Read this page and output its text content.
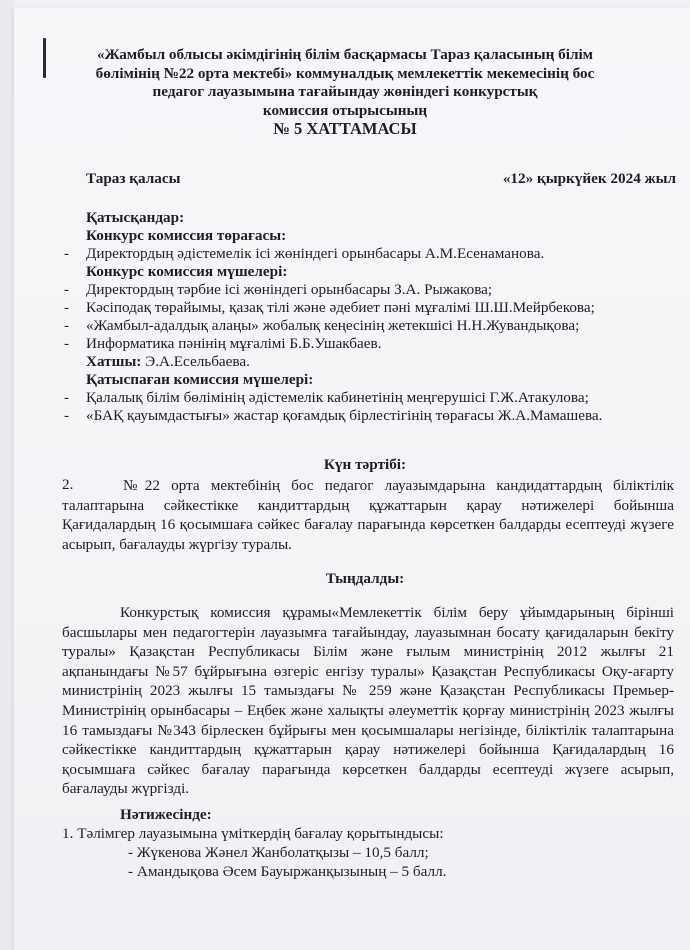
«Жамбыл облысы әкімдігінің білім басқармасы Тараз қаласының білім
бөлімінің №22 орта мектебі» коммуналдық мемлекеттік мекемесінің бос
педагог лауазымына тағайындау жөніндегі конкурстық
комиссия отырысының
№ 5 ХАТТАМАСЫ
Тараз қаласы	«12» қыркүйек 2024 жыл
Қатысқандар:
Конкурс комиссия төрағасы:
- Директордың әдістемелік ісі жөніндегі орынбасары А.М.Есенаманова.
Конкурс комиссия мүшелері:
- Директордың тәрбие ісі жөніндегі орынбасары З.А. Рыжакова;
- Кәсіподақ төрайымы, қазақ тілі және әдебиет пәні мұғалімі Ш.Ш.Мейрбекова;
- «Жамбыл-адалдық алаңы» жобалық кеңесінің жетекшісі Н.Н.Жувандықова;
- Информатика пәнінің мұғалімі Б.Б.Ушакбаев.
Хатшы: Э.А.Есельбаева.
Қатыспаған комиссия мүшелері:
- Қалалық білім бөлімінің әдістемелік кабинетінің меңгерушісі Г.Ж.Атакулова;
- «БАҚ қауымдастығы» жастар қоғамдық бірлестігінің төрағасы Ж.А.Мамашева.
Күн тәртібі:
2.	№22 орта мектебінің бос педагог лауазымдарына кандидаттардың біліктілік талаптарына сәйкестікке кандиттардың құжаттарын қарау нәтижелері бойынша Қағидалардың 16 қосымшаға сәйкес бағалау парағында көрсеткен балдарды есептеуді жүзеге асырып, бағалауды жүргізу туралы.
Тыңдалды:
Конкурстық комиссия құрамы«Мемлекеттік білім беру ұйымдарының бірінші басшылары мен педагогтерін лауазымға тағайындау, лауазымнан босату қағидаларын бекіту туралы» Қазақстан Республикасы Білім және ғылым министрінің 2012 жылғы 21 ақпанындағы №57 бұйрығына өзгеріс енгізу туралы» Қазақстан Республикасы Оқу-ағарту министрінің 2023 жылғы 15 тамыздағы № 259 және Қазақстан Республикасы Премьер-Министрінің орынбасары – Еңбек және халықты әлеуметтік қорғау министрінің 2023 жылғы 16 тамыздағы №343 бірлескен бұйрығы мен қосымшалары негізінде, біліктілік талаптарына сәйкестікке кандиттардың құжаттарын қарау нәтижелері бойынша Қағидалардың 16 қосымшаға сәйкес бағалау парағында көрсеткен балдарды есептеуді жүзеге асырып, бағалауды жүргізді.
Нәтижесінде:
1. Тәлімгер лауазымына үміткердің бағалау қорытындысы:
- Жүкенова Жәнел Жанболатқызы – 10,5 балл;
- Амандықова Әсем Бауыржанқызының – 5 балл.
